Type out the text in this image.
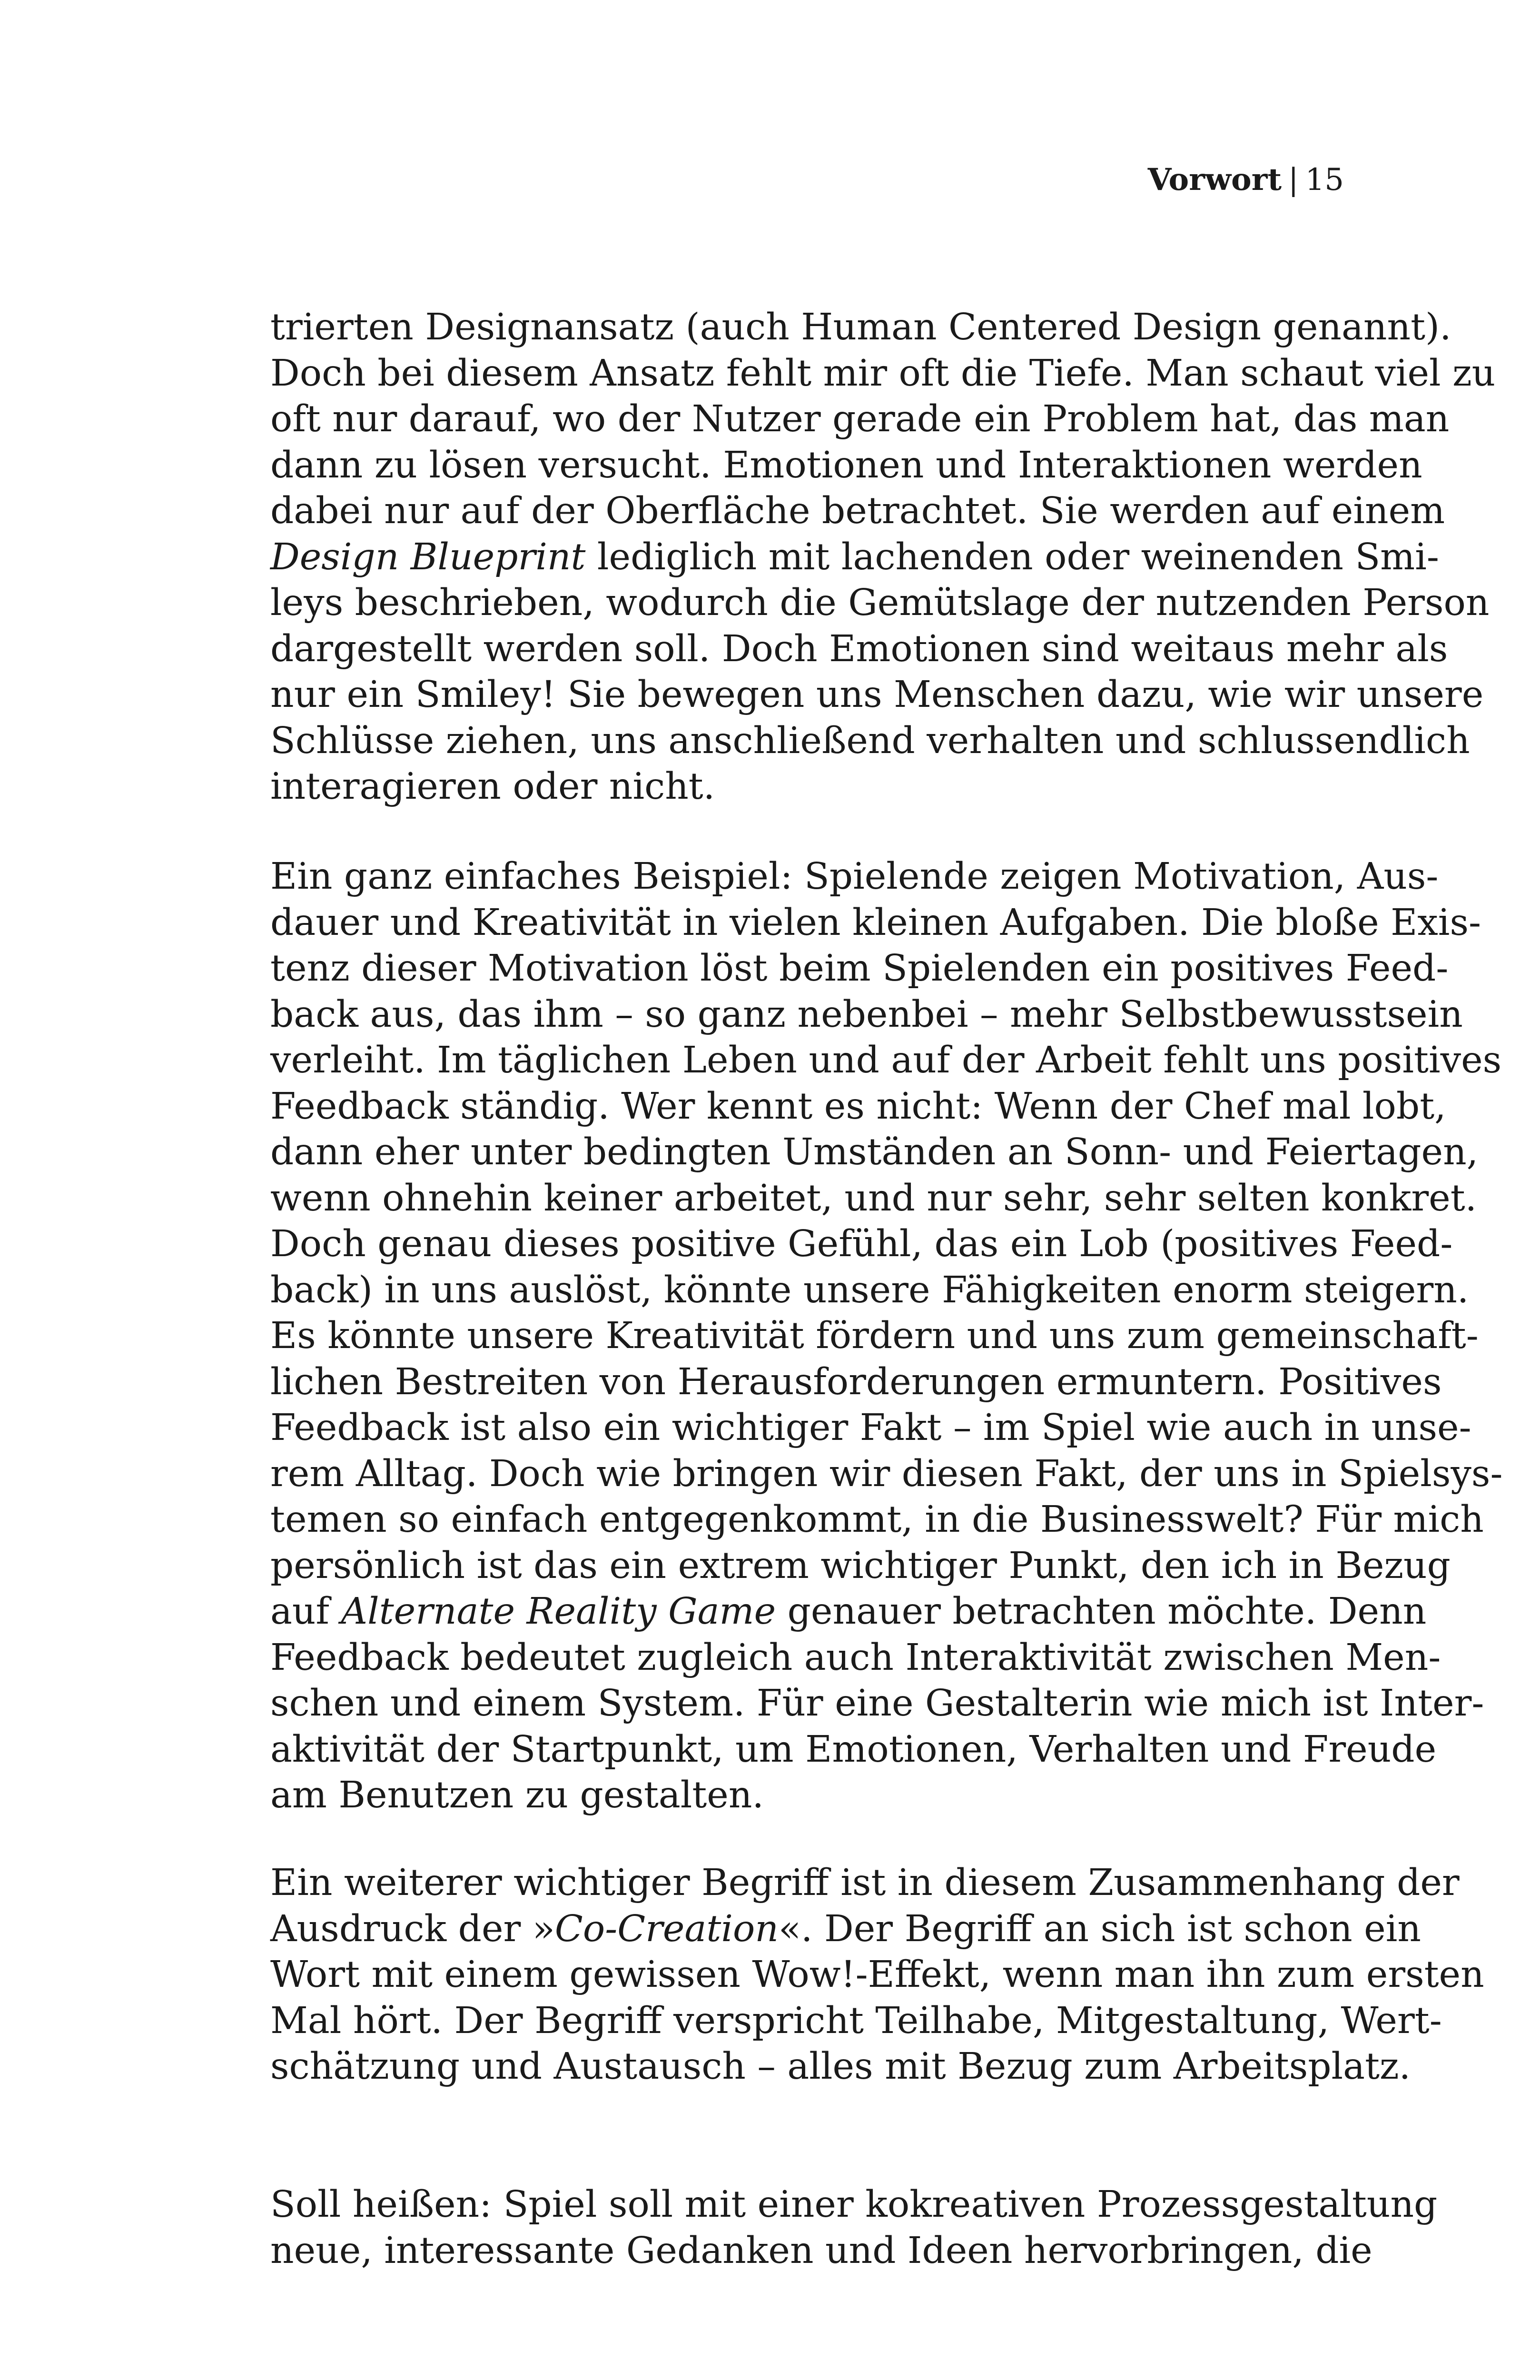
Vorwort | 15
trierten Designansatz (auch Human Centered Design genannt).
Doch bei diesem Ansatz fehlt mir oft die Tiefe. Man schaut viel zu
oft nur darauf, wo der Nutzer gerade ein Problem hat, das man
dann zu lösen versucht. Emotionen und Interaktionen werden
dabei nur auf der Oberfläche betrachtet. Sie werden auf einem
Design Blueprint lediglich mit lachenden oder weinenden Smi-
leys beschrieben, wodurch die Gemütslage der nutzenden Person
dargestellt werden soll. Doch Emotionen sind weitaus mehr als
nur ein Smiley! Sie bewegen uns Menschen dazu, wie wir unsere
Schlüsse ziehen, uns anschließend verhalten und schlussendlich
interagieren oder nicht.
Ein ganz einfaches Beispiel: Spielende zeigen Motivation, Aus-
dauer und Kreativität in vielen kleinen Aufgaben. Die bloße Exis-
tenz dieser Motivation löst beim Spielenden ein positives Feed-
back aus, das ihm – so ganz nebenbei – mehr Selbstbewusstsein
verleiht. Im täglichen Leben und auf der Arbeit fehlt uns positives
Feedback ständig. Wer kennt es nicht: Wenn der Chef mal lobt,
dann eher unter bedingten Umständen an Sonn- und Feiertagen,
wenn ohnehin keiner arbeitet, und nur sehr, sehr selten konkret.
Doch genau dieses positive Gefühl, das ein Lob (positives Feed-
back) in uns auslöst, könnte unsere Fähigkeiten enorm steigern.
Es könnte unsere Kreativität fördern und uns zum gemeinschaft-
lichen Bestreiten von Herausforderungen ermuntern. Positives
Feedback ist also ein wichtiger Fakt – im Spiel wie auch in unse-
rem Alltag. Doch wie bringen wir diesen Fakt, der uns in Spielsys-
temen so einfach entgegenkommt, in die Businesswelt? Für mich
persönlich ist das ein extrem wichtiger Punkt, den ich in Bezug
auf Alternate Reality Game genauer betrachten möchte. Denn
Feedback bedeutet zugleich auch Interaktivität zwischen Men-
schen und einem System. Für eine Gestalterin wie mich ist Inter-
aktivität der Startpunkt, um Emotionen, Verhalten und Freude
am Benutzen zu gestalten.
Ein weiterer wichtiger Begriff ist in diesem Zusammenhang der
Ausdruck der »Co-Creation«. Der Begriff an sich ist schon ein
Wort mit einem gewissen Wow!-Effekt, wenn man ihn zum ersten
Mal hört. Der Begriff verspricht Teilhabe, Mitgestaltung, Wert-
schätzung und Austausch – alles mit Bezug zum Arbeitsplatz.
Soll heißen: Spiel soll mit einer kokreativen Prozessgestaltung
neue, interessante Gedanken und Ideen hervorbringen, die
